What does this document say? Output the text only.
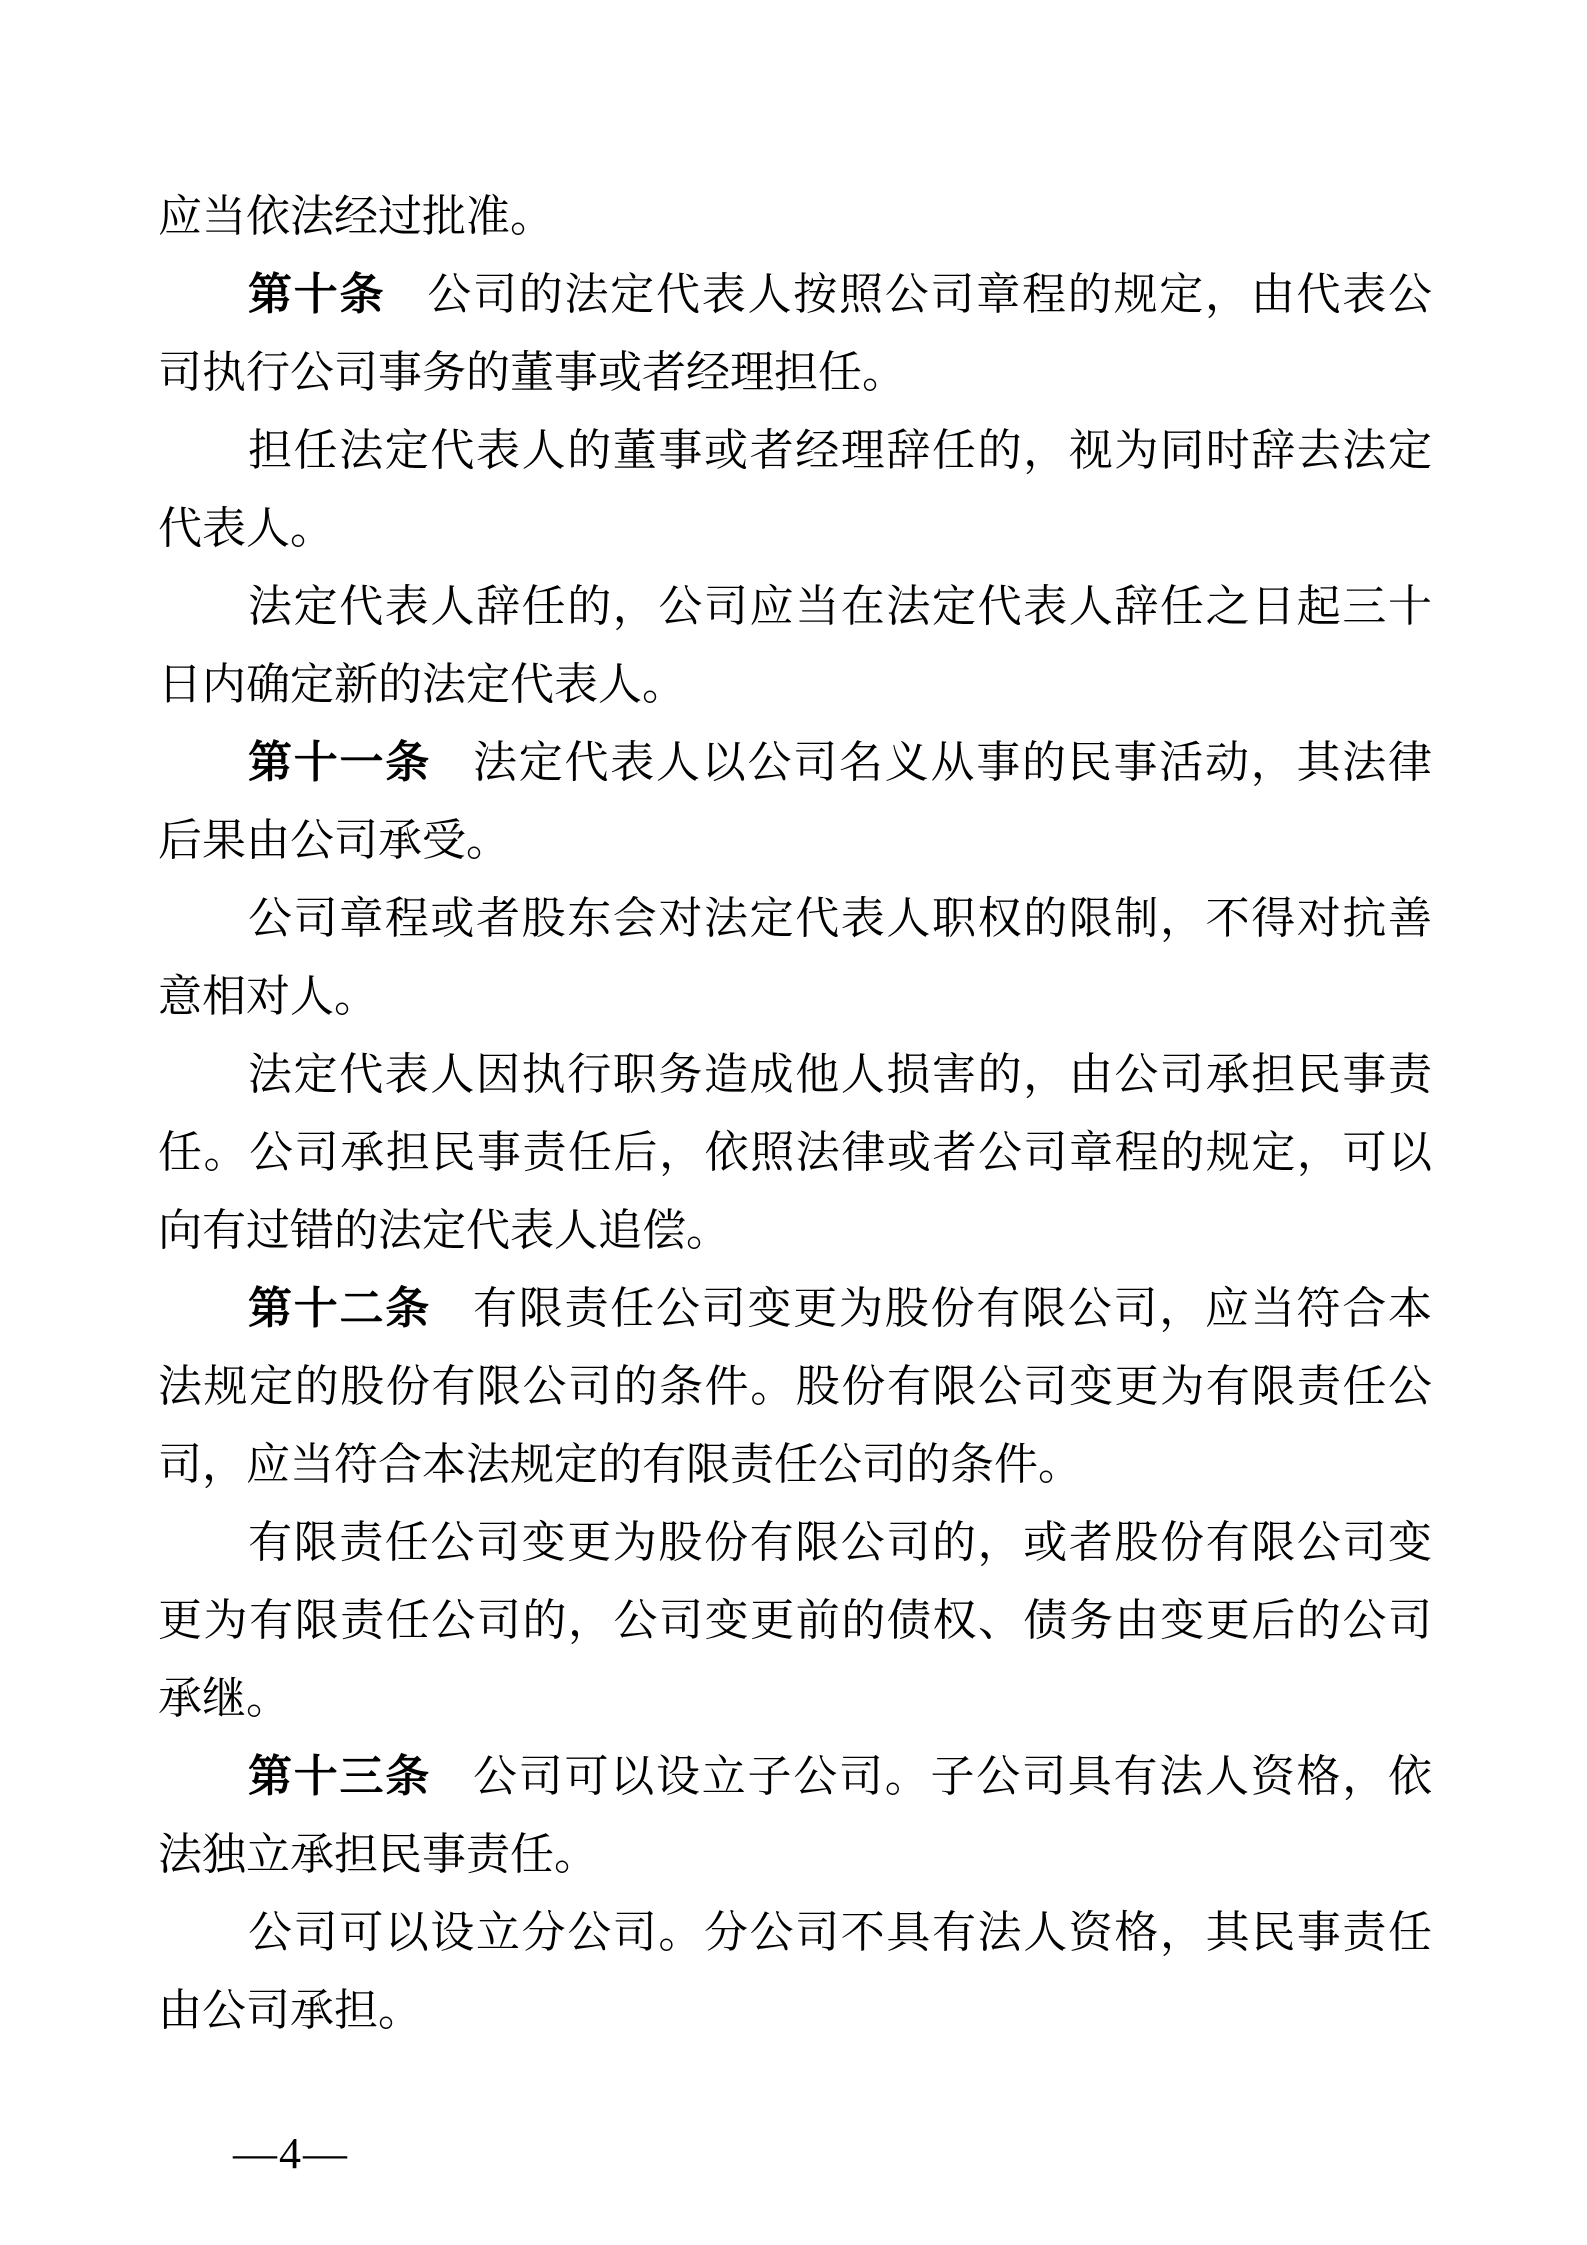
应当依法经过批准。

第十条 公司的法定代表人按照公司章程的规定，由代表公司执行公司事务的董事或者经理担任。

担任法定代表人的董事或者经理辞任的，视为同时辞去法定代表人。

法定代表人辞任的，公司应当在法定代表人辞任之日起三十日内确定新的法定代表人。

第十一条 法定代表人以公司名义从事的民事活动，其法律后果由公司承受。

公司章程或者股东会对法定代表人职权的限制，不得对抗善意相对人。

法定代表人因执行职务造成他人损害的，由公司承担民事责任。公司承担民事责任后，依照法律或者公司章程的规定，可以向有过错的法定代表人追偿。

第十二条 有限责任公司变更为股份有限公司，应当符合本法规定的股份有限公司的条件。股份有限公司变更为有限责任公司，应当符合本法规定的有限责任公司的条件。

有限责任公司变更为股份有限公司的，或者股份有限公司变更为有限责任公司的，公司变更前的债权、债务由变更后的公司承继。

第十三条 公司可以设立子公司。子公司具有法人资格，依法独立承担民事责任。

公司可以设立分公司。分公司不具有法人资格，其民事责任由公司承担。

—4—
